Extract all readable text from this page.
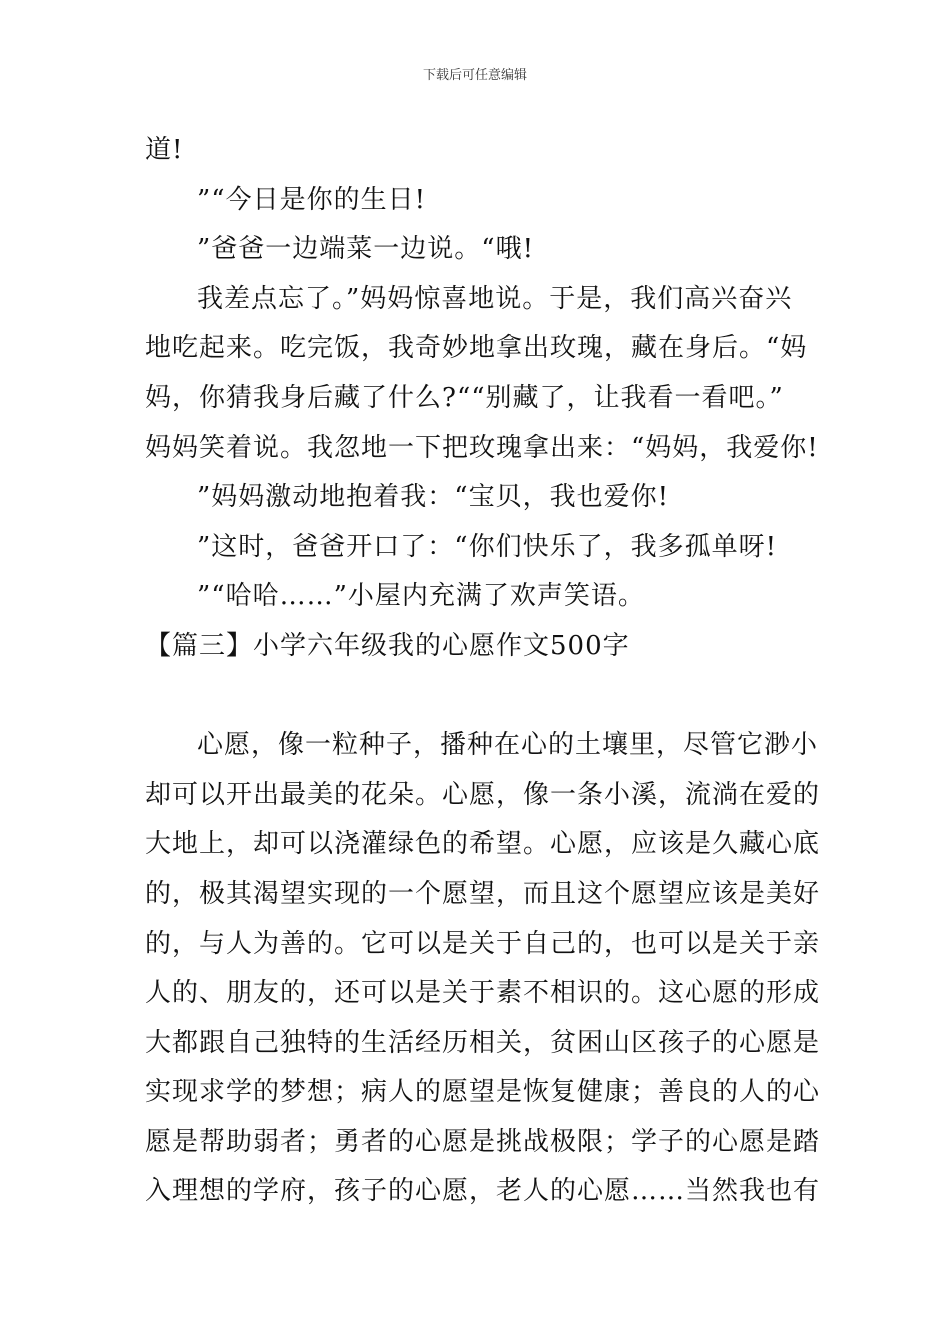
下载后可任意编辑
道!
”“今日是你的生日!
”爸爸一边端菜一边说。“哦!
我差点忘了。”妈妈惊喜地说。于是，我们高兴奋兴
地吃起来。吃完饭，我奇妙地拿出玫瑰，藏在身后。“妈
妈，你猜我身后藏了什么?““别藏了，让我看一看吧。”
妈妈笑着说。我忽地一下把玫瑰拿出来：“妈妈，我爱你!
”妈妈激动地抱着我：“宝贝，我也爱你!
”这时，爸爸开口了：“你们快乐了，我多孤单呀!
”“哈哈……”小屋内充满了欢声笑语。
【篇三】小学六年级我的心愿作文500字
心愿，像一粒种子，播种在心的土壤里，尽管它渺小
却可以开出最美的花朵。心愿，像一条小溪，流淌在爱的
大地上，却可以浇灌绿色的希望。心愿，应该是久藏心底
的，极其渴望实现的一个愿望，而且这个愿望应该是美好
的，与人为善的。它可以是关于自己的，也可以是关于亲
人的、朋友的，还可以是关于素不相识的。这心愿的形成
大都跟自己独特的生活经历相关，贫困山区孩子的心愿是
实现求学的梦想；病人的愿望是恢复健康；善良的人的心
愿是帮助弱者；勇者的心愿是挑战极限；学子的心愿是踏
入理想的学府，孩子的心愿，老人的心愿……当然我也有
